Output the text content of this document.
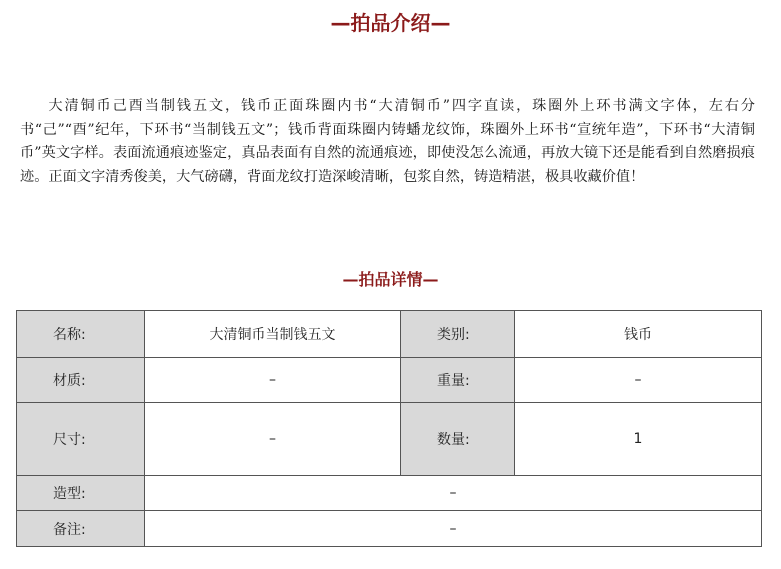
—拍品介绍—

大清铜币己酉当制钱五文，钱币正面珠圈内书“大清铜币”四字直读，珠圈外上环书满文字体，左右分书“己”“酉”纪年，下环书“当制钱五文”；钱币背面珠圈内铸蟠龙纹饰，珠圈外上环书“宣统年造”，下环书“大清铜币”英文字样。表面流通痕迹鉴定，真品表面有自然的流通痕迹，即使没怎么流通，再放大镜下还是能看到自然磨损痕迹。正面文字清秀俊美，大气磅礴，背面龙纹打造深峻清晰，包浆自然，铸造精湛，极具收藏价值！

—拍品详情—
名称:	大清铜币当制钱五文	类别:	钱币
材质:	–	重量:	–
尺寸:	–	数量:	1
造型:	–		
备注:	–		
